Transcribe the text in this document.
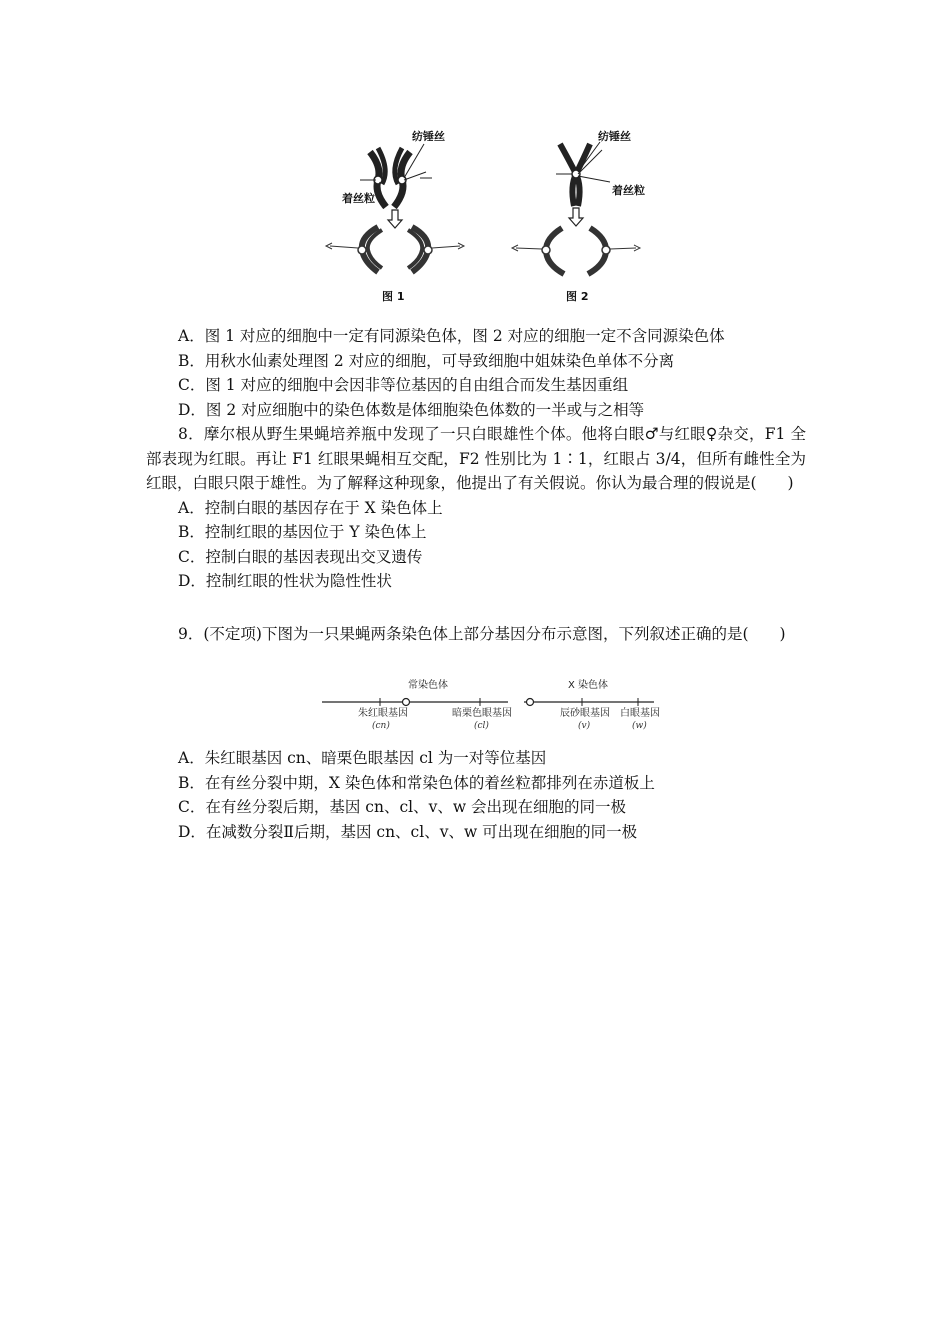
纺锤丝
着丝粒
图 1
纺锤丝
着丝粒
图 2
A．图 1 对应的细胞中一定有同源染色体，图 2 对应的细胞一定不含同源染色体
B．用秋水仙素处理图 2 对应的细胞，可导致细胞中姐妹染色单体不分离
C．图 1 对应的细胞中会因非等位基因的自由组合而发生基因重组
D．图 2 对应细胞中的染色体数是体细胞染色体数的一半或与之相等
8．摩尔根从野生果蝇培养瓶中发现了一只白眼雄性个体。他将白眼♂与红眼♀杂交，F1 全部表现为红眼。再让 F1 红眼果蝇相互交配，F2 性别比为 1∶1，红眼占 3/4，但所有雌性全为红眼，白眼只限于雄性。为了解释这种现象，他提出了有关假说。你认为最合理的假说是(　　)
A．控制白眼的基因存在于 X 染色体上
B．控制红眼的基因位于 Y 染色体上
C．控制白眼的基因表现出交叉遗传
D．控制红眼的性状为隐性性状
9．(不定项)下图为一只果蝇两条染色体上部分基因分布示意图，下列叙述正确的是(　　)
常染色体	X 染色体
朱红眼基因
(cn)
暗栗色眼基因
(cl)
辰砂眼基因
(v)
白眼基因
(w)
A．朱红眼基因 cn、暗栗色眼基因 cl 为一对等位基因
B．在有丝分裂中期，X 染色体和常染色体的着丝粒都排列在赤道板上
C．在有丝分裂后期，基因 cn、cl、v、w 会出现在细胞的同一极
D．在减数分裂Ⅱ后期，基因 cn、cl、v、w 可出现在细胞的同一极
